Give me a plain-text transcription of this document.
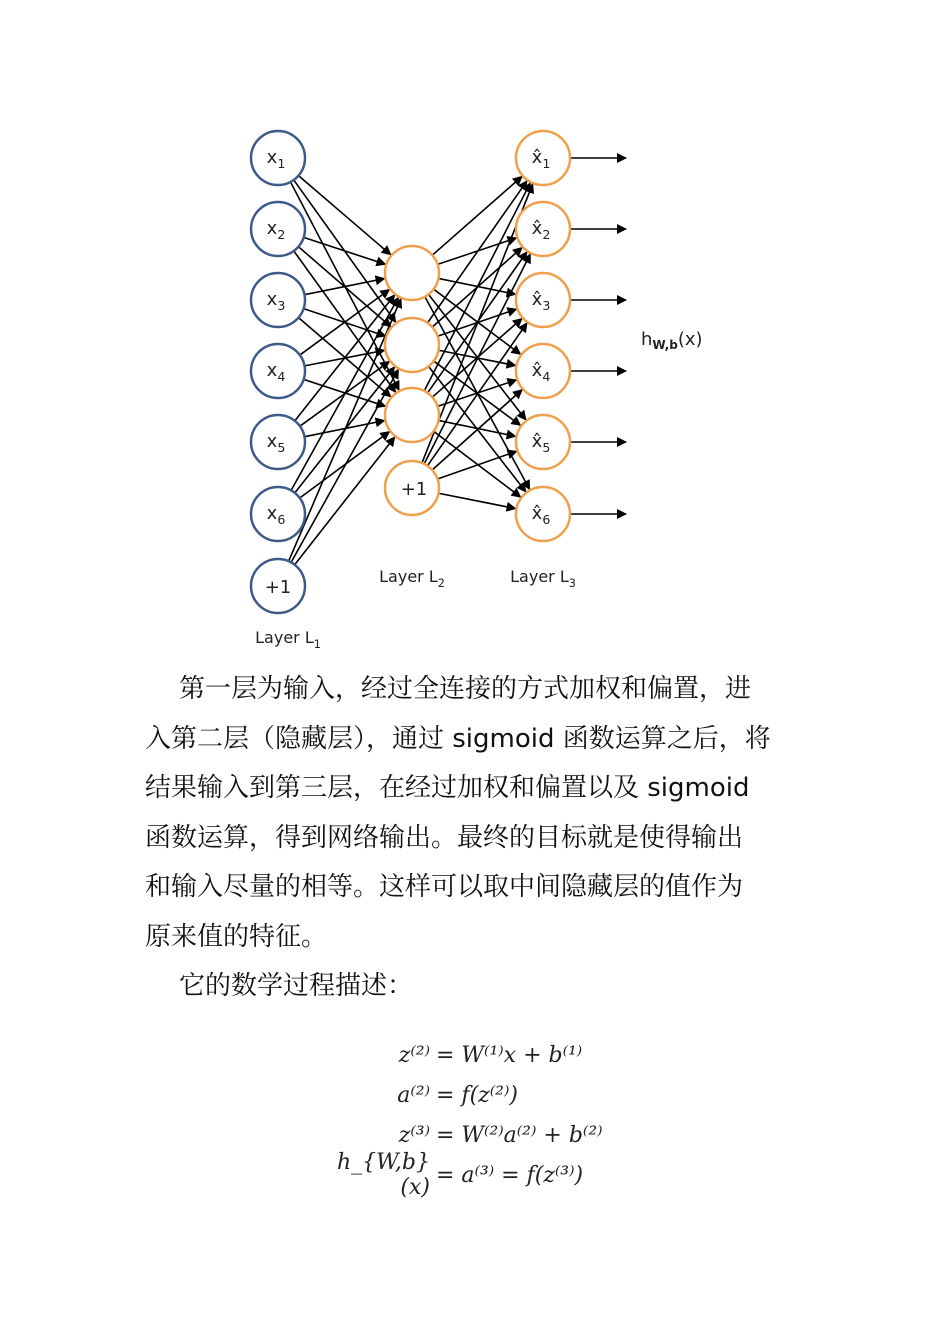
$x_1$
$x_2$
$x_3$
$x_4$
$x_5$
$x_6$
+1
+1
$x̂_1$
$x̂_2$
$x̂_3$
$x̂_4$
$x̂_5$
$x̂_6$
$h_{W,b}(x)$
Layer $L_1$
Layer $L_2$	Layer $L_3$

第一层为输入，经过全连接的方式加权和偏置，进

入第二层（隐藏层），通过 sigmoid 函数运算之后，将

结果输入到第三层，在经过加权和偏置以及 sigmoid

函数运算，得到网络输出。最终的目标就是使得输出

和输入尽量的相等。这样可以取中间隐藏层的值作为

原来值的特征。

它的数学过程描述：
z⁽²⁾ = W⁽¹⁾x + b⁽¹⁾
a⁽²⁾ = f(z⁽²⁾)
z⁽³⁾ = W⁽²⁾a⁽²⁾ + b⁽²⁾
h_{W,b}(x) = a⁽³⁾ = f(z⁽³⁾)
